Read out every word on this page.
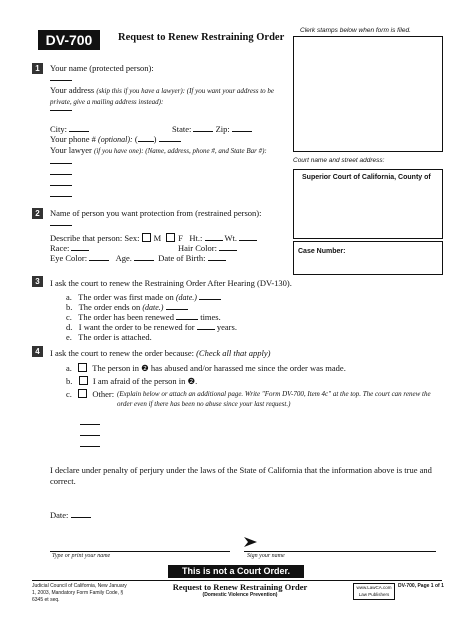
DV-700	Request to Renew Restraining Order
Clerk stamps below when form is filed.
Court name and street address:
Superior Court of California, County of
Case Number:
1	Your name (protected person):
Your address (skip this if you have a lawyer): (If you want your address to be private, give a mailing address instead):
City:	State:	Zip:
Your phone # (optional): ( )
Your lawyer (if you have one): (Name, address, phone #, and State Bar #):
2	Name of person you want protection from (restrained person):
Describe that person: Sex: M F Ht.:	Wt.
Race:	Hair Color:
Eye Color:	Age.	Date of Birth:
3	I ask the court to renew the Restraining Order After Hearing (DV-130).
a. The order was first made on (date.)
b. The order ends on (date.)
c. The order has been renewed	times.
d. I want the order to be renewed for	years.
e. The order is attached.
4	I ask the court to renew the order because: (Check all that apply)
a. The person in ❷ has abused and/or harassed me since the order was made.
b. I am afraid of the person in ❷.
c. Other: (Explain below or attach an additional page. Write "Form DV-700, Item 4c" at the top. The court can renew the order even if there has been no abuse since your last request.)
I declare under penalty of perjury under the laws of the State of California that the information above is true and correct.
Date:
Type or print your name	Sign your name
This is not a Court Order.
Judicial Council of California, New January 1, 2003, Mandatory Form Family Code, § 6345 et seq.
Request to Renew Restraining Order
(Domestic Violence Prevention)
www.LawCA.com Law Publishers
DV-700, Page 1 of 1
